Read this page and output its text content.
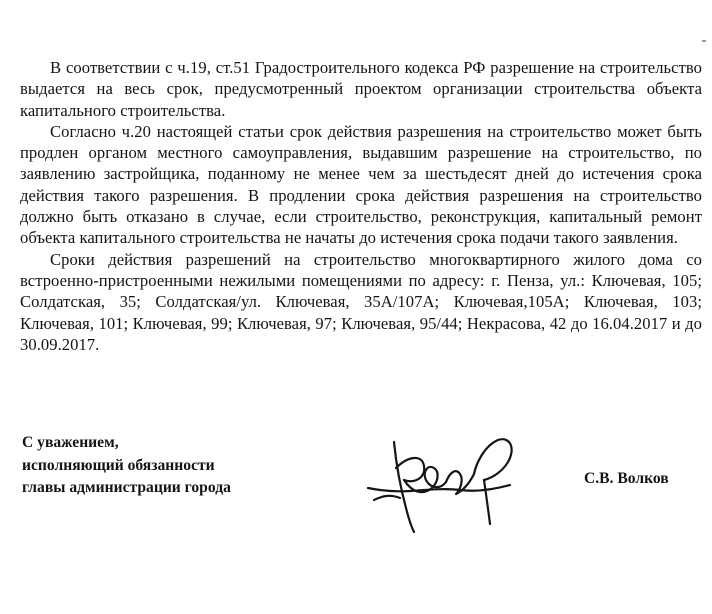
В соответствии с ч.19, ст.51 Градостроительного кодекса РФ разрешение на строительство выдается на весь срок, предусмотренный проектом организации строительства объекта капитального строительства.

Согласно ч.20 настоящей статьи срок действия разрешения на строительство может быть продлен органом местного самоуправления, выдавшим разрешение на строительство, по заявлению застройщика, поданному не менее чем за шестьдесят дней до истечения срока действия такого разрешения. В продлении срока действия разрешения на строительство должно быть отказано в случае, если строительство, реконструкция, капитальный ремонт объекта капитального строительства не начаты до истечения срока подачи такого заявления.

Сроки действия разрешений на строительство многоквартирного жилого дома со встроенно-пристроенными нежилыми помещениями по адресу: г. Пенза, ул.: Ключевая, 105; Солдатская, 35; Солдатская/ул. Ключевая, 35А/107А; Ключевая,105А; Ключевая, 103; Ключевая, 101; Ключевая, 99; Ключевая, 97; Ключевая, 95/44; Некрасова, 42 до 16.04.2017 и до 30.09.2017.

С уважением,
исполняющий обязанности
главы администрации города
С.В. Волков
